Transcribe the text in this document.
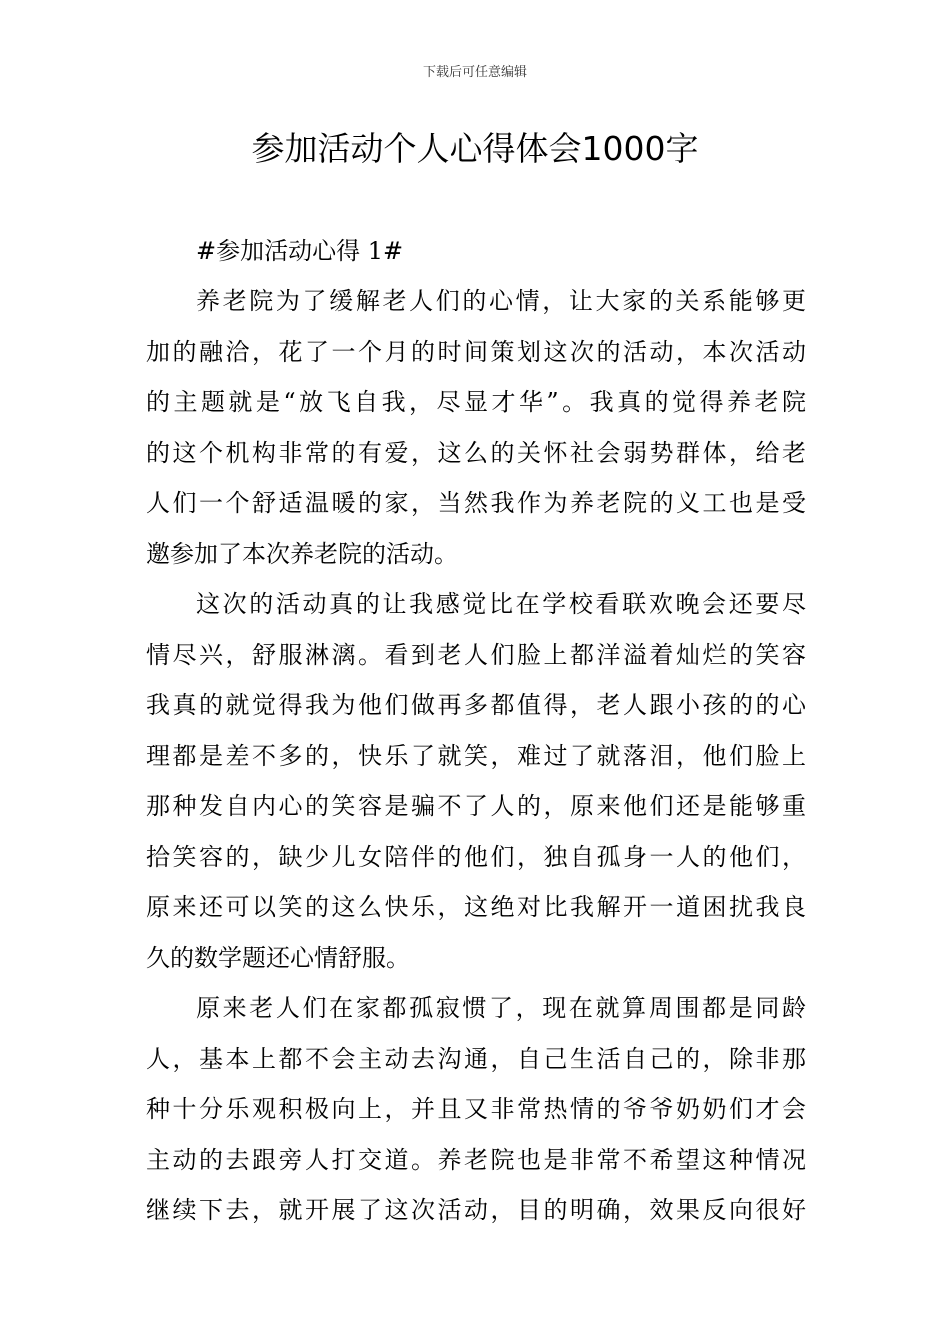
下载后可任意编辑
参加活动个人心得体会1000字

#参加活动心得 1#

养老院为了缓解老人们的心情，让大家的关系能够更
加的融洽，花了一个月的时间策划这次的活动，本次活动
的主题就是“放飞自我，尽显才华”。我真的觉得养老院
的这个机构非常的有爱，这么的关怀社会弱势群体，给老
人们一个舒适温暖的家，当然我作为养老院的义工也是受
邀参加了本次养老院的活动。
这次的活动真的让我感觉比在学校看联欢晚会还要尽
情尽兴，舒服淋漓。看到老人们脸上都洋溢着灿烂的笑容
我真的就觉得我为他们做再多都值得，老人跟小孩的的心
理都是差不多的，快乐了就笑，难过了就落泪，他们脸上
那种发自内心的笑容是骗不了人的，原来他们还是能够重
拾笑容的，缺少儿女陪伴的他们，独自孤身一人的他们，
原来还可以笑的这么快乐，这绝对比我解开一道困扰我良
久的数学题还心情舒服。
原来老人们在家都孤寂惯了，现在就算周围都是同龄
人，基本上都不会主动去沟通，自己生活自己的，除非那
种十分乐观积极向上，并且又非常热情的爷爷奶奶们才会
主动的去跟旁人打交道。养老院也是非常不希望这种情况
继续下去，就开展了这次活动，目的明确，效果反向很好
